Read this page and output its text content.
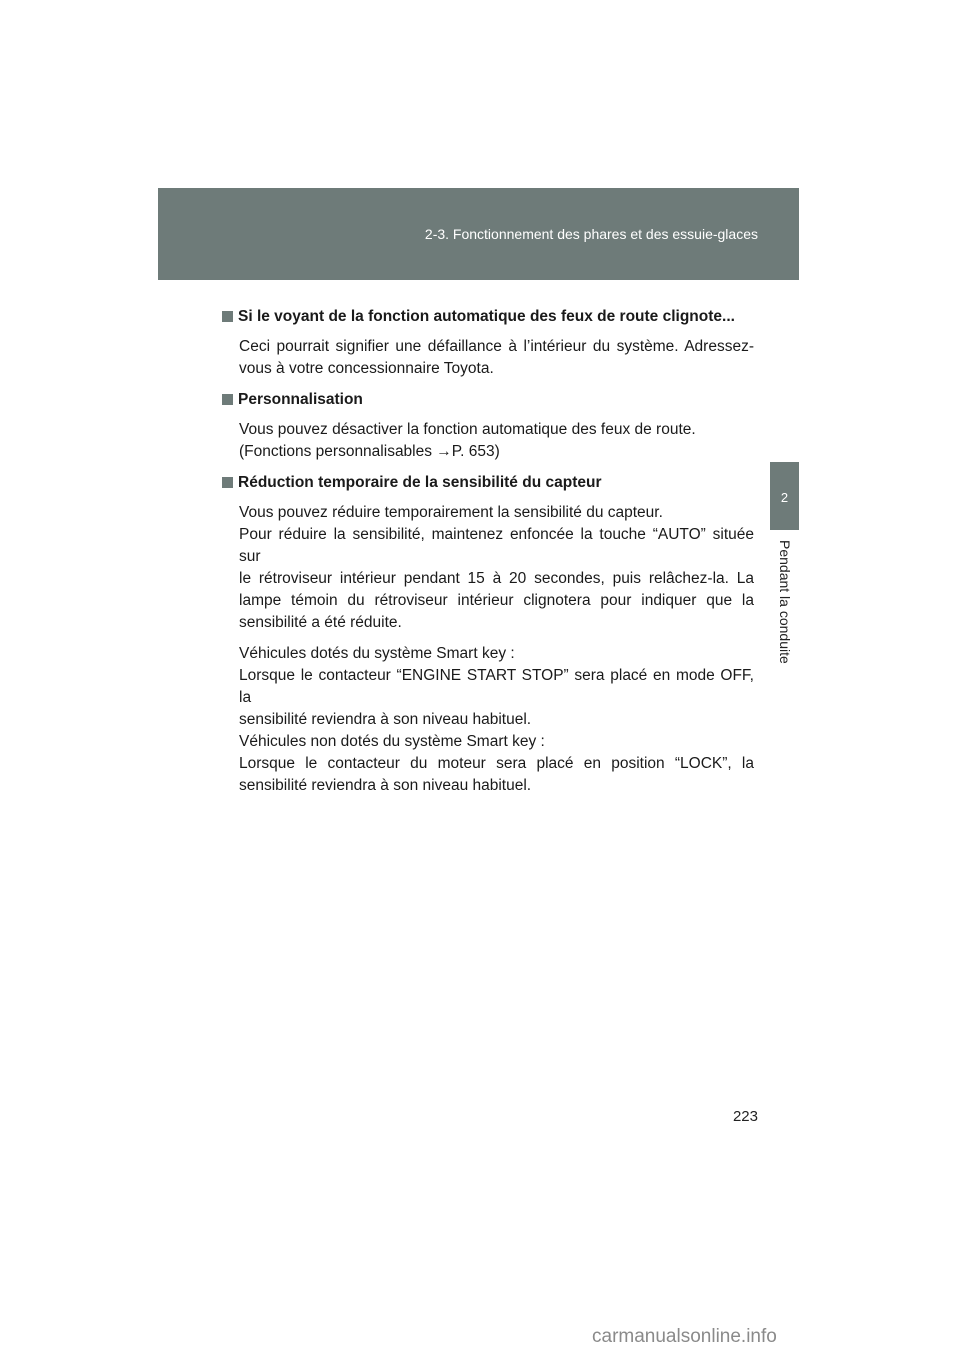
2-3. Fonctionnement des phares et des essuie-glaces
2
Pendant la conduite
Si le voyant de la fonction automatique des feux de route clignote...
Ceci pourrait signifier une défaillance à l’intérieur du système. Adressez-
vous à votre concessionnaire Toyota.
Personnalisation
Vous pouvez désactiver la fonction automatique des feux de route.
(Fonctions personnalisables →P. 653)
Réduction temporaire de la sensibilité du capteur
Vous pouvez réduire temporairement la sensibilité du capteur.
Pour réduire la sensibilité, maintenez enfoncée la touche “AUTO” située sur
le rétroviseur intérieur pendant 15 à 20 secondes, puis relâchez-la. La
lampe témoin du rétroviseur intérieur clignotera pour indiquer que la
sensibilité a été réduite.
Véhicules dotés du système Smart key :
Lorsque le contacteur “ENGINE START STOP” sera placé en mode OFF, la
sensibilité reviendra à son niveau habituel.
Véhicules non dotés du système Smart key :
Lorsque le contacteur du moteur sera placé en position “LOCK”, la
sensibilité reviendra à son niveau habituel.
223
carmanualsonline.info
